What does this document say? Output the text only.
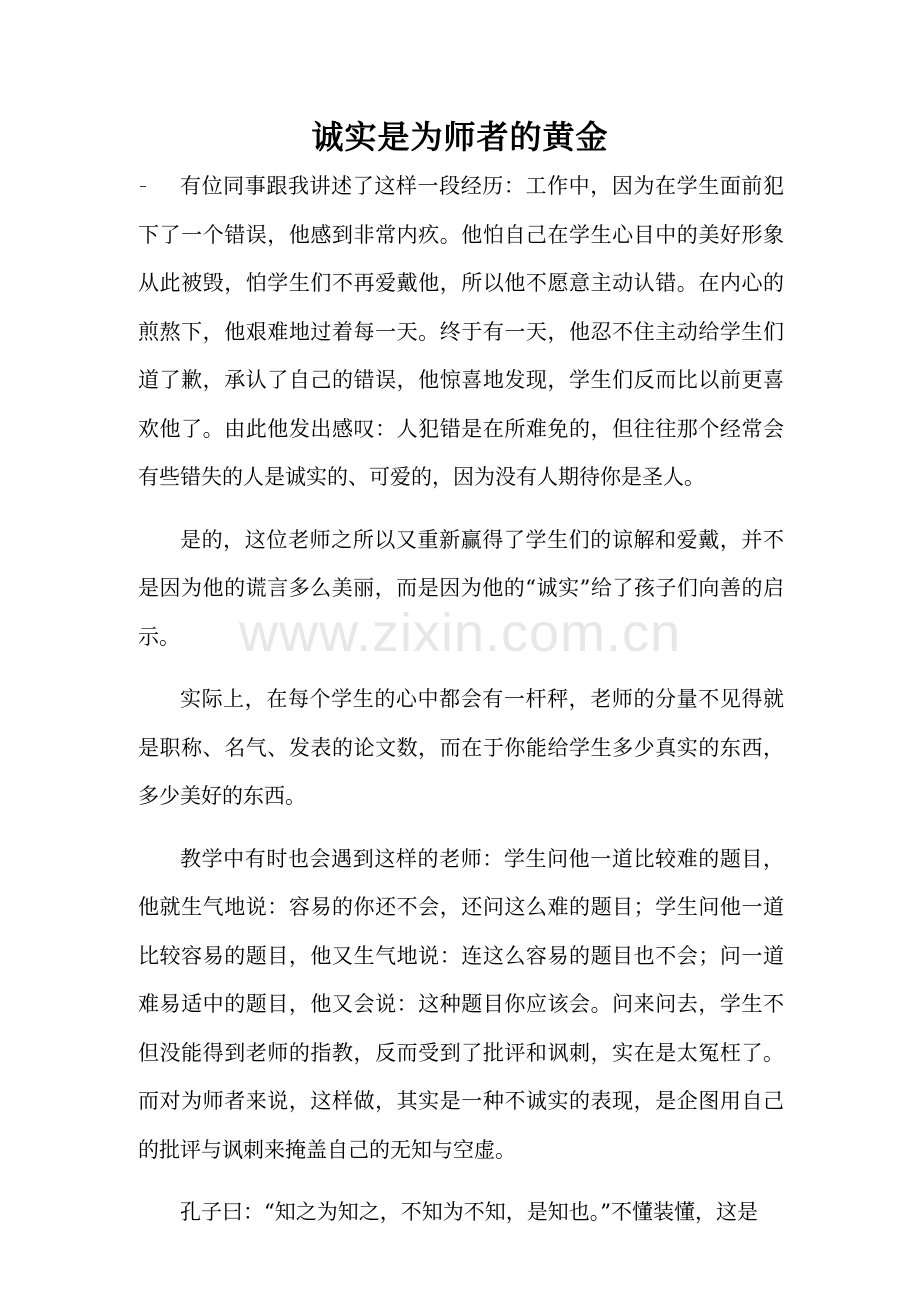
诚实是为师者的黄金

有位同事跟我讲述了这样一段经历：工作中，因为在学生面前犯下了一个错误，他感到非常内疚。他怕自己在学生心目中的美好形象从此被毁，怕学生们不再爱戴他，所以他不愿意主动认错。在内心的煎熬下，他艰难地过着每一天。终于有一天，他忍不住主动给学生们道了歉，承认了自己的错误，他惊喜地发现，学生们反而比以前更喜欢他了。由此他发出感叹：人犯错是在所难免的，但往往那个经常会有些错失的人是诚实的、可爱的，因为没有人期待你是圣人。

是的，这位老师之所以又重新赢得了学生们的谅解和爱戴，并不是因为他的谎言多么美丽，而是因为他的“诚实”给了孩子们向善的启示。

实际上，在每个学生的心中都会有一杆秤，老师的分量不见得就是职称、名气、发表的论文数，而在于你能给学生多少真实的东西，多少美好的东西。

教学中有时也会遇到这样的老师：学生问他一道比较难的题目，他就生气地说：容易的你还不会，还问这么难的题目；学生问他一道比较容易的题目，他又生气地说：连这么容易的题目也不会；问一道难易适中的题目，他又会说：这种题目你应该会。问来问去，学生不但没能得到老师的指教，反而受到了批评和讽刺，实在是太冤枉了。而对为师者来说，这样做，其实是一种不诚实的表现，是企图用自己的批评与讽刺来掩盖自己的无知与空虚。

孔子曰：“知之为知之，不知为不知，是知也。”不懂装懂，这是

www.zixin.com.cn
